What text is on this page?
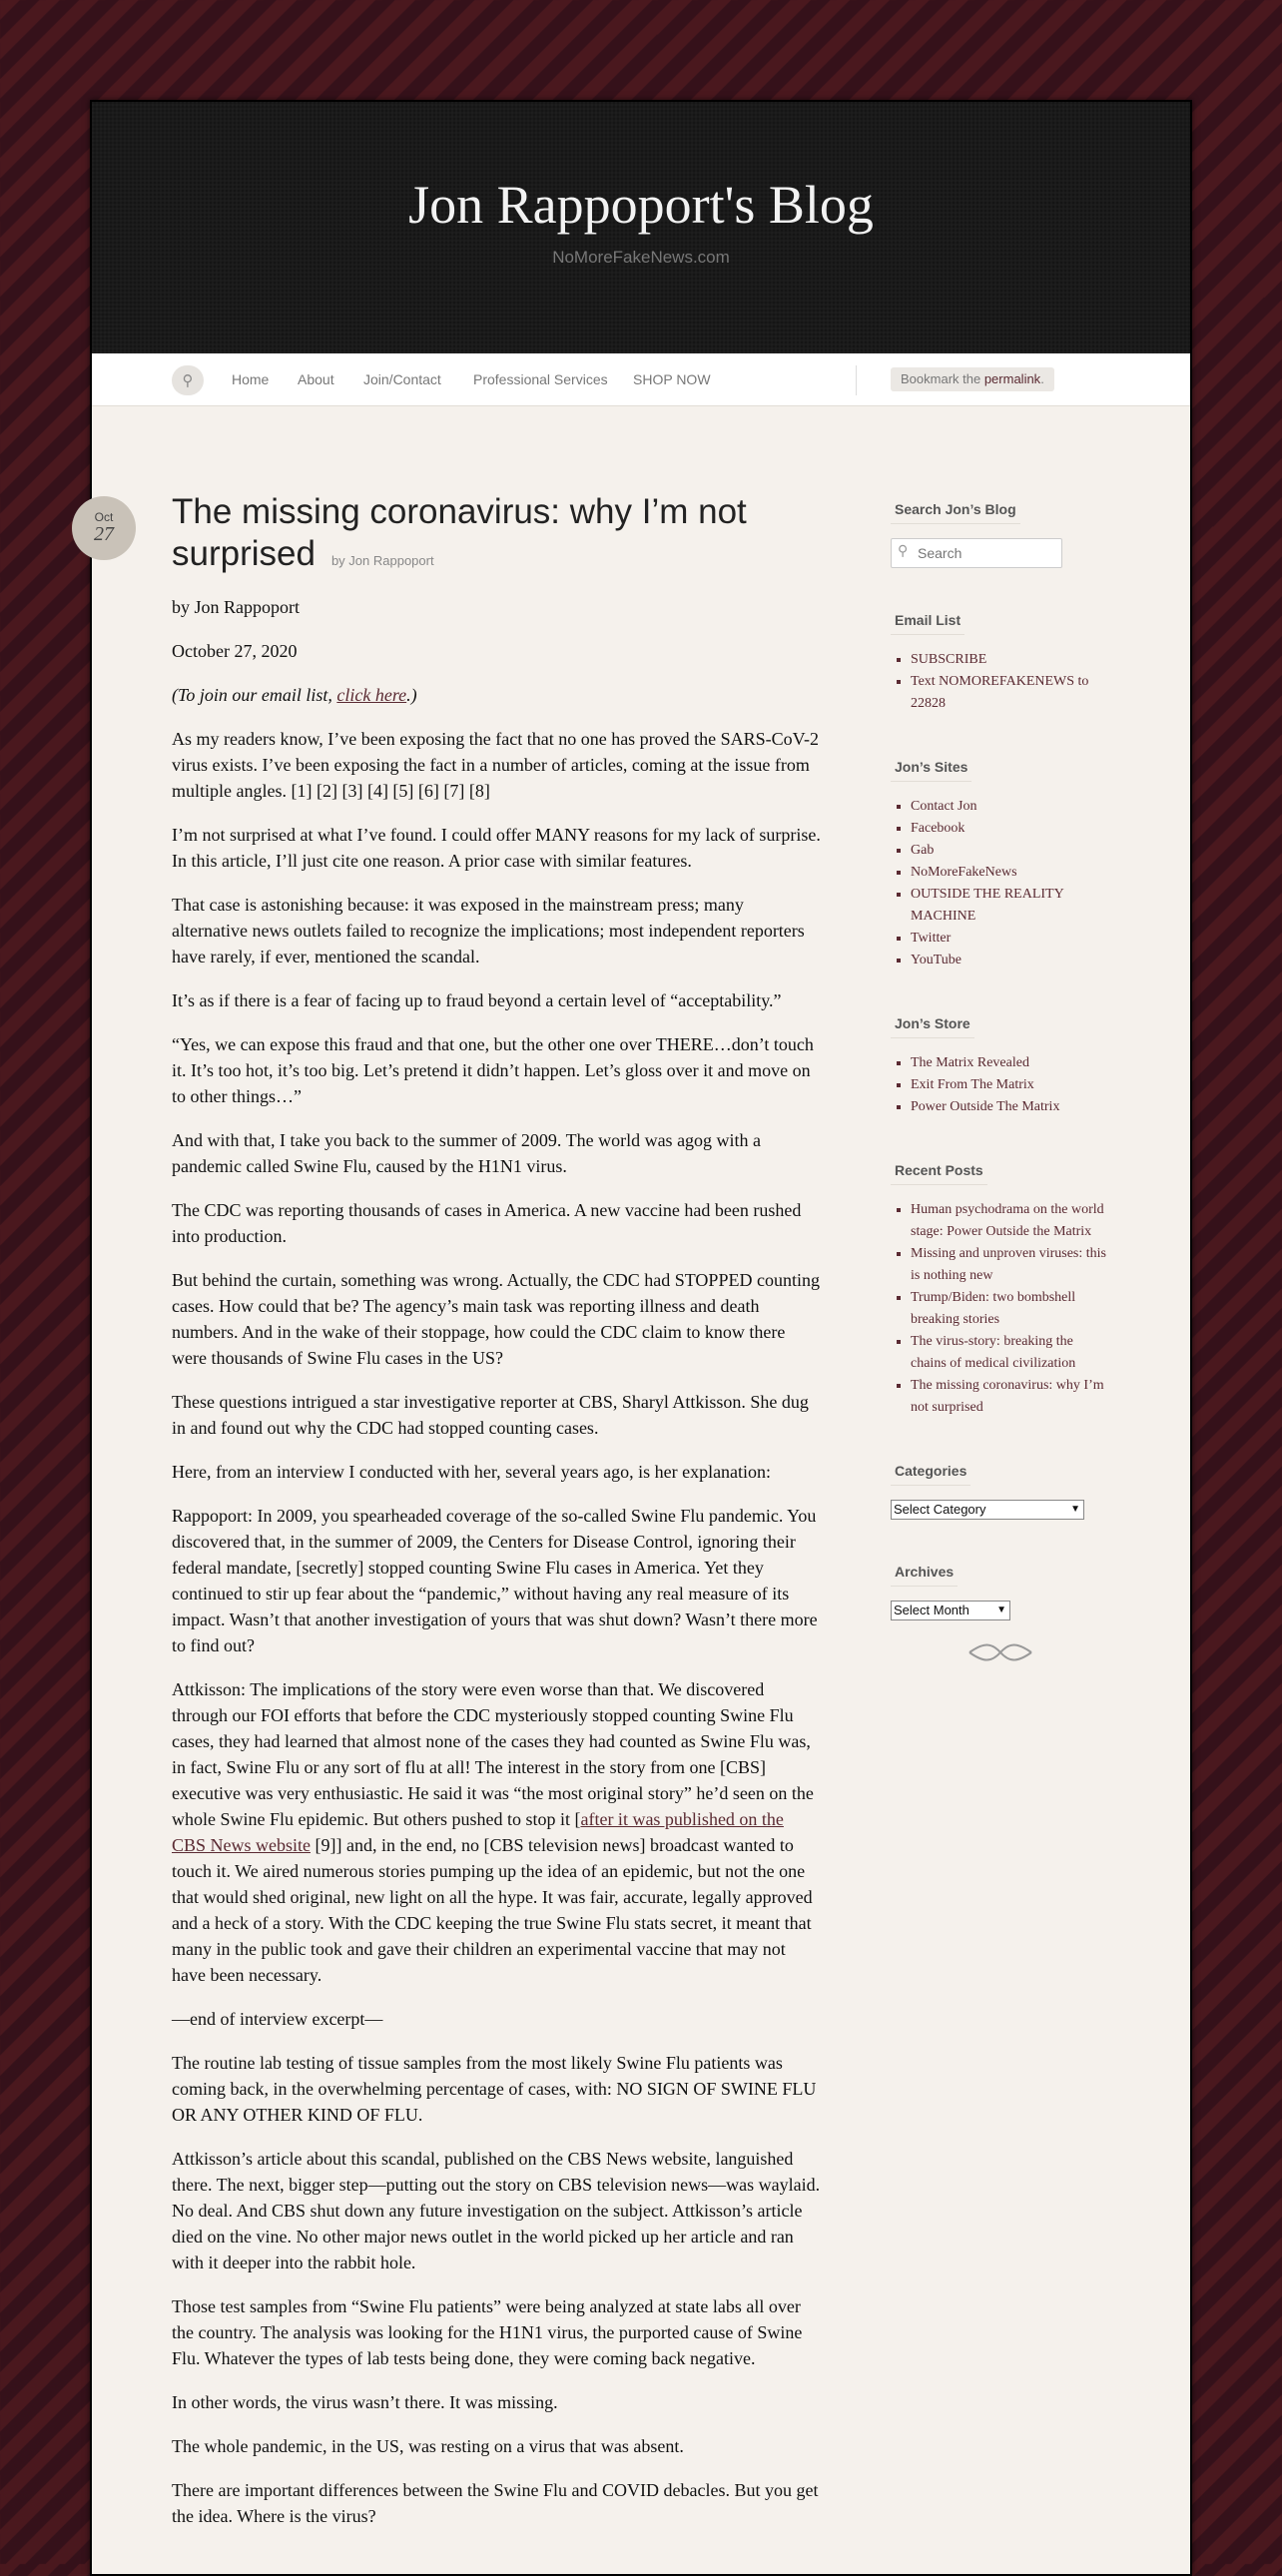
Jon Rappoport's Blog
NoMoreFakeNews.com
⚲	Home About Join/Contact Professional Services SHOP NOW	Bookmark the permalink.
Oct
27
The missing coronavirus: why I’m not surprised by Jon Rappoport

by Jon Rappoport

October 27, 2020

(To join our email list, click here.)

As my readers know, I’ve been exposing the fact that no one has proved the SARS-CoV-2 virus exists. I’ve been exposing the fact in a number of articles, coming at the issue from multiple angles. [1] [2] [3] [4] [5] [6] [7] [8]

I’m not surprised at what I’ve found. I could offer MANY reasons for my lack of surprise. In this article, I’ll just cite one reason. A prior case with similar features.

That case is astonishing because: it was exposed in the mainstream press; many alternative news outlets failed to recognize the implications; most independent reporters have rarely, if ever, mentioned the scandal.

It’s as if there is a fear of facing up to fraud beyond a certain level of “acceptability.”

“Yes, we can expose this fraud and that one, but the other one over THERE…don’t touch it. It’s too hot, it’s too big. Let’s pretend it didn’t happen. Let’s gloss over it and move on to other things…”

And with that, I take you back to the summer of 2009. The world was agog with a pandemic called Swine Flu, caused by the H1N1 virus.

The CDC was reporting thousands of cases in America. A new vaccine had been rushed into production.

But behind the curtain, something was wrong. Actually, the CDC had STOPPED counting cases. How could that be? The agency’s main task was reporting illness and death numbers. And in the wake of their stoppage, how could the CDC claim to know there were thousands of Swine Flu cases in the US?

These questions intrigued a star investigative reporter at CBS, Sharyl Attkisson. She dug in and found out why the CDC had stopped counting cases.

Here, from an interview I conducted with her, several years ago, is her explanation:

Rappoport: In 2009, you spearheaded coverage of the so-called Swine Flu pandemic. You discovered that, in the summer of 2009, the Centers for Disease Control, ignoring their federal mandate, [secretly] stopped counting Swine Flu cases in America. Yet they continued to stir up fear about the “pandemic,” without having any real measure of its impact. Wasn’t that another investigation of yours that was shut down? Wasn’t there more to find out?

Attkisson: The implications of the story were even worse than that. We discovered through our FOI efforts that before the CDC mysteriously stopped counting Swine Flu cases, they had learned that almost none of the cases they had counted as Swine Flu was, in fact, Swine Flu or any sort of flu at all! The interest in the story from one [CBS] executive was very enthusiastic. He said it was “the most original story” he’d seen on the whole Swine Flu epidemic. But others pushed to stop it [after it was published on the CBS News website [9]] and, in the end, no [CBS television news] broadcast wanted to touch it. We aired numerous stories pumping up the idea of an epidemic, but not the one that would shed original, new light on all the hype. It was fair, accurate, legally approved and a heck of a story. With the CDC keeping the true Swine Flu stats secret, it meant that many in the public took and gave their children an experimental vaccine that may not have been necessary.

—end of interview excerpt—

The routine lab testing of tissue samples from the most likely Swine Flu patients was coming back, in the overwhelming percentage of cases, with: NO SIGN OF SWINE FLU OR ANY OTHER KIND OF FLU.

Attkisson’s article about this scandal, published on the CBS News website, languished there. The next, bigger step—putting out the story on CBS television news—was waylaid. No deal. And CBS shut down any future investigation on the subject. Attkisson’s article died on the vine. No other major news outlet in the world picked up her article and ran with it deeper into the rabbit hole.

Those test samples from “Swine Flu patients” were being analyzed at state labs all over the country. The analysis was looking for the H1N1 virus, the purported cause of Swine Flu. Whatever the types of lab tests being done, they were coming back negative.

In other words, the virus wasn’t there. It was missing.

The whole pandemic, in the US, was resting on a virus that was absent.

There are important differences between the Swine Flu and COVID debacles. But you get the idea. Where is the virus?

Search Jon’s Blog
⚲
Search
Email List
▪ SUBSCRIBE
▪ Text NOMOREFAKENEWS to 22828
Jon’s Sites
▪ Contact Jon
▪ Facebook
▪ Gab
▪ NoMoreFakeNews
▪ OUTSIDE THE REALITY MACHINE
▪ Twitter
▪ YouTube
Jon’s Store
▪ The Matrix Revealed
▪ Exit From The Matrix
▪ Power Outside The Matrix
Recent Posts
▪ Human psychodrama on the world stage: Power Outside the Matrix
▪ Missing and unproven viruses: this is nothing new
▪ Trump/Biden: two bombshell breaking stories
▪ The virus-story: breaking the chains of medical civilization
▪ The missing coronavirus: why I’m not surprised
Categories
Select Category	▼
Archives
Select Month	▼
